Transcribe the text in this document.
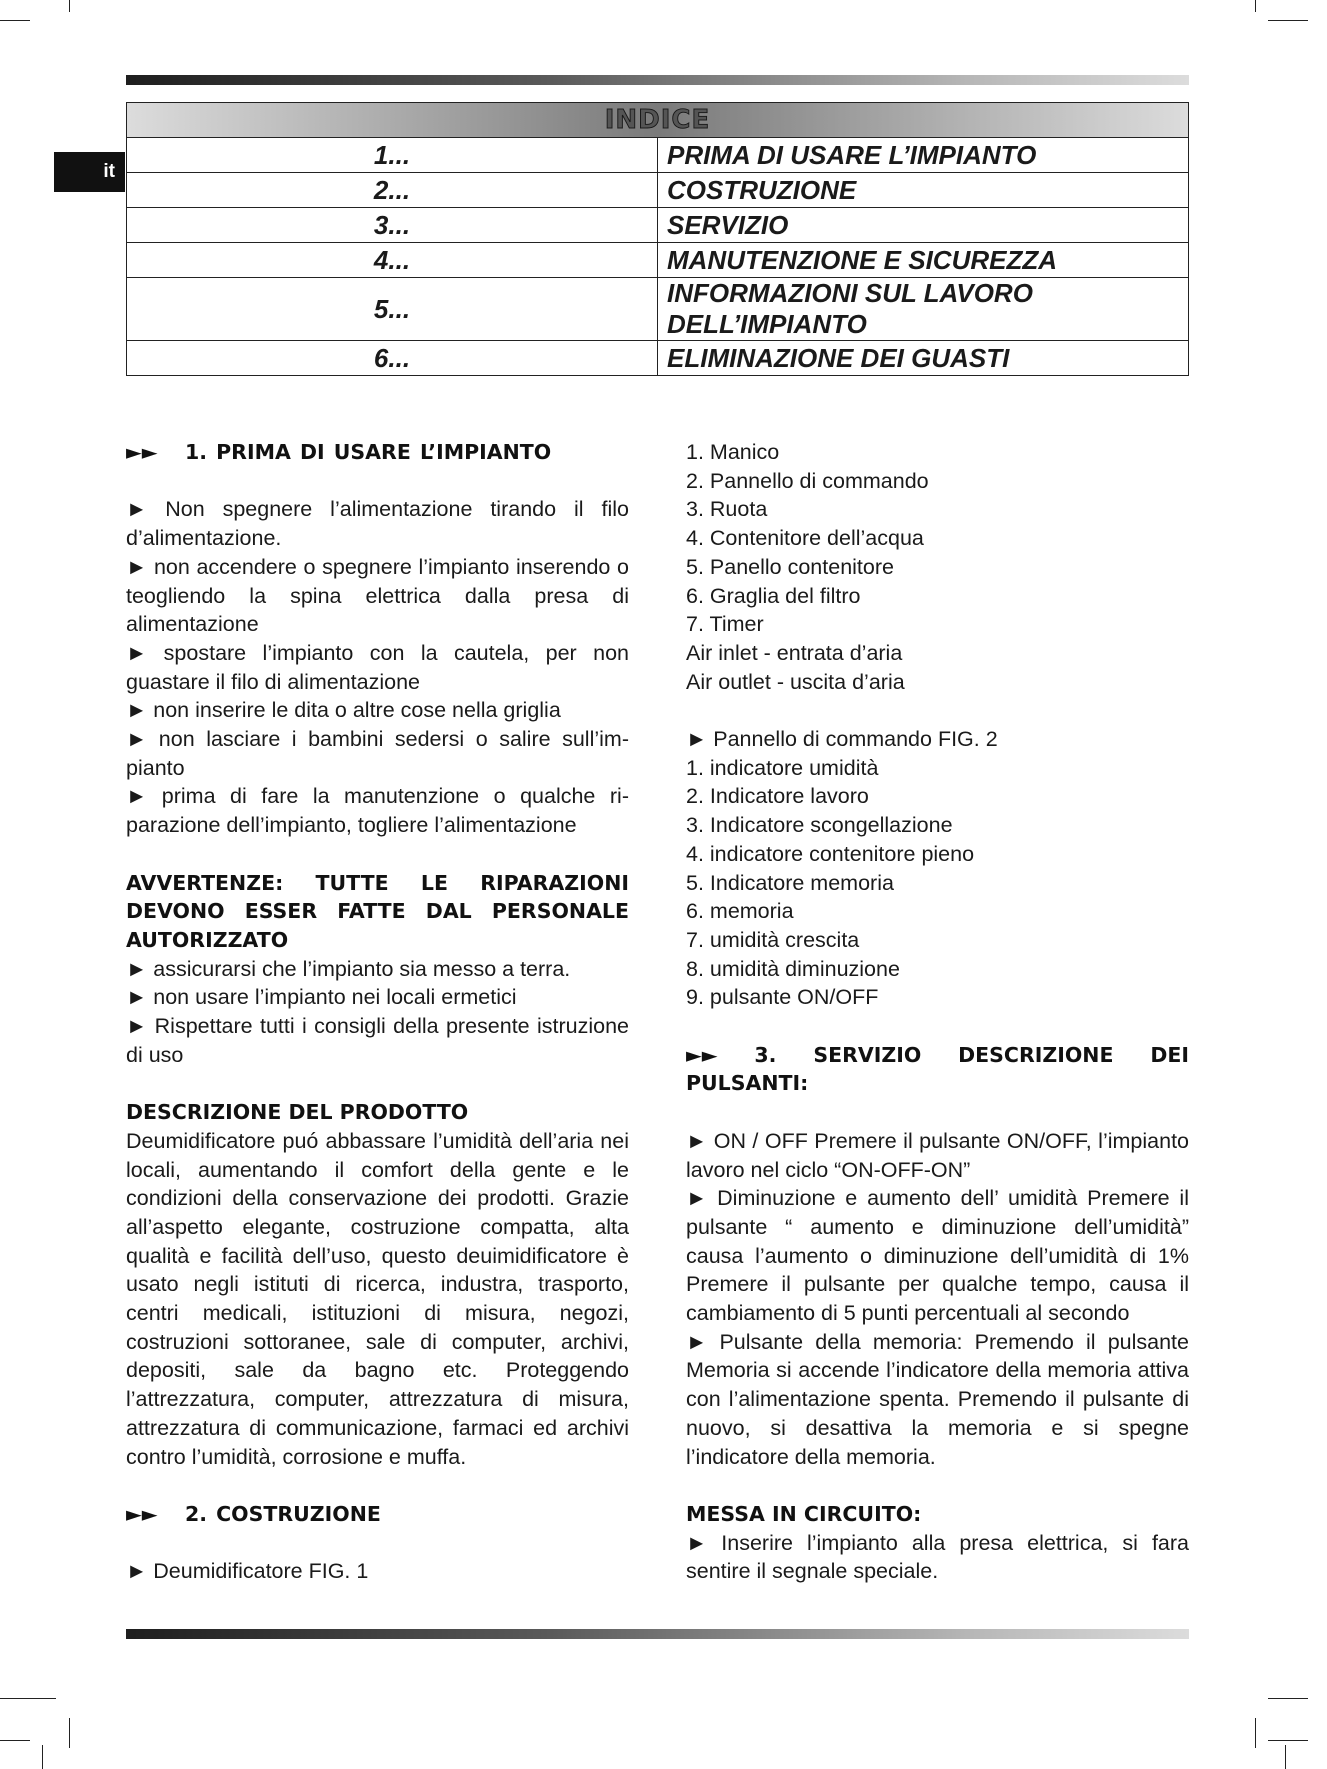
it
INDICE	
1...	PRIMA DI USARE L’IMPIANTO
2...	COSTRUZIONE
3...	SERVIZIO
4...	MANUTENZIONE E SICUREZZA
5...	INFORMAZIONI SUL LAVORO DELL’IMPIANTO
6...	ELIMINAZIONE DEI GUASTI

►►   1. PRIMA DI USARE L’IMPIANTO

► Non spegnere l’alimentazione tirando il filo d’alimentazione.

► non accendere o spegnere l’impianto inserendo o teogliendo la spina elettrica dalla presa di alimentazione

► spostare l’impianto con la cautela, per non guastare il filo di alimentazione

► non inserire le dita o altre cose nella griglia

► non lasciare i bambini sedersi o salire sull’impianto

► prima di fare la manutenzione o qualche riparazione dell’impianto, togliere l’alimentazione

AVVERTENZE: TUTTE LE RIPARAZIONI DEVONO ESSER FATTE DAL PERSONALE AUTORIZZATO

► assicurarsi che l’impianto sia messo a terra.

► non usare l’impianto nei locali ermetici

► Rispettare tutti i consigli della presente istruzione di uso

DESCRIZIONE DEL PRODOTTO

Deumidificatore puó abbassare l’umidità dell’aria nei locali, aumentando il comfort della gente e le condizioni della conservazione dei prodotti. Grazie all’aspetto elegante, costruzione compatta, alta qualità e facilità dell’uso, questo deuimidificatore è usato negli istituti di ricerca, industra, trasporto, centri medicali, istituzioni di misura, negozi, costruzioni sottoranee, sale di computer, archivi, depositi, sale da bagno etc. Proteggendo l’attrezzatura, computer, attrezzatura di misura, attrezzatura di communicazione, farmaci ed archivi contro l’umidità, corrosione e muffa.

►►   2. COSTRUZIONE

► Deumidificatore FIG. 1

1. Manico

2. Pannello di commando

3. Ruota

4. Contenitore dell’acqua

5. Panello contenitore

6. Graglia del filtro

7. Timer

Air inlet - entrata d’aria

Air outlet - uscita d’aria

► Pannello di commando FIG. 2

1. indicatore umidità

2. Indicatore lavoro

3. Indicatore scongellazione

4. indicatore contenitore pieno

5. Indicatore memoria

6. memoria

7. umidità crescita

8. umidità diminuzione

9. pulsante ON/OFF

►► 3. SERVIZIO DESCRIZIONE DEI PULSANTI:

► ON / OFF Premere il pulsante ON/OFF, l’impianto lavoro nel ciclo “ON-OFF-ON”

► Diminuzione e aumento dell’ umidità Premere il pulsante “ aumento e diminuzione dell’umidità” causa l’aumento o diminuzione dell’umidità di 1% Premere il pulsante per qualche tempo, causa il cambiamento di 5 punti percentuali al secondo

► Pulsante della memoria: Premendo il pulsante Memoria si accende l’indicatore della memoria attiva con l’alimentazione spenta. Premendo il pulsante di nuovo, si desattiva la memoria e si spegne l’indicatore della memoria.

MESSA IN CIRCUITO:

► Inserire l’impianto alla presa elettrica, si fara sentire il segnale speciale.
